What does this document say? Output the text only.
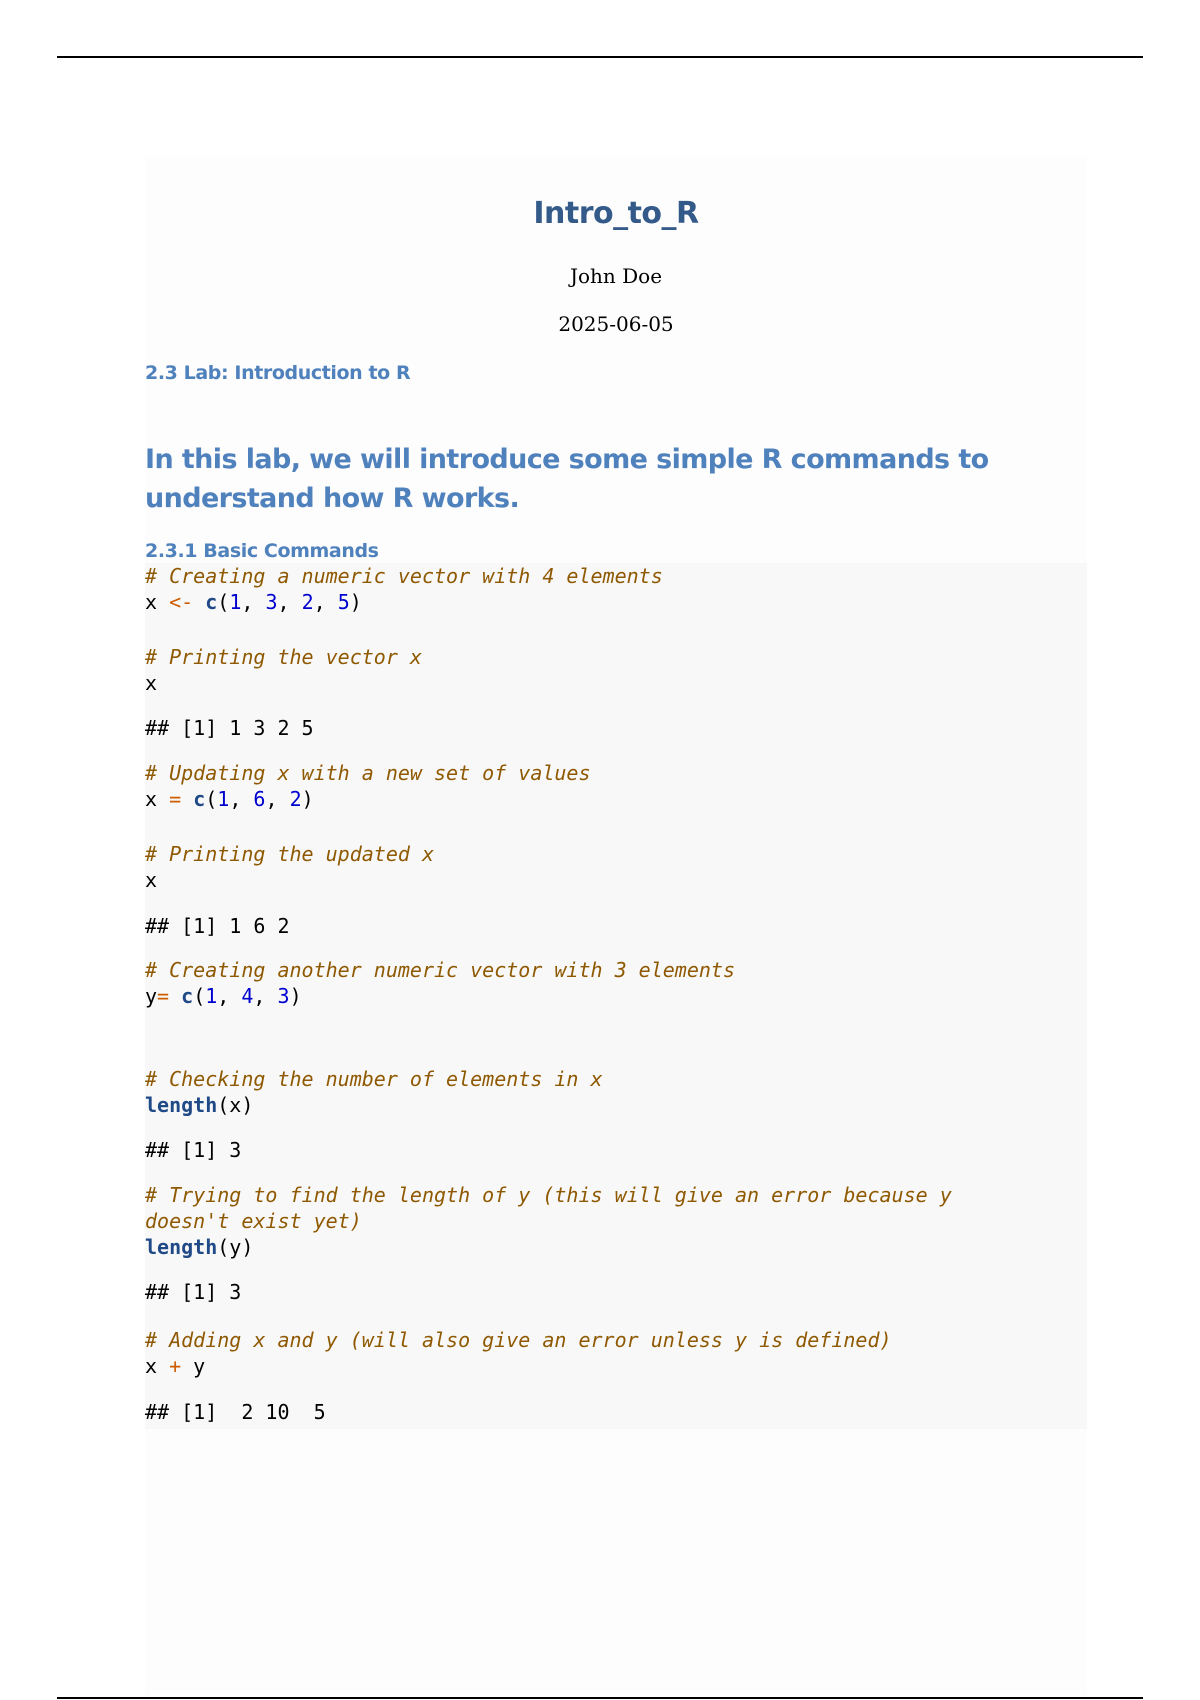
Intro_to_R
John Doe
2025-06-05
2.3 Lab: Introduction to R
In this lab, we will introduce some simple R commands to understand how R works.
2.3.1 Basic Commands
# Creating a numeric vector with 4 elements
x <- c(1, 3, 2, 5)
# Printing the vector x
x
## [1] 1 3 2 5
# Updating x with a new set of values
x = c(1, 6, 2)
# Printing the updated x
x
## [1] 1 6 2
# Creating another numeric vector with 3 elements
y= c(1, 4, 3)
# Checking the number of elements in x
length(x)
## [1] 3
# Trying to find the length of y (this will give an error because y
doesn't exist yet)
length(y)
## [1] 3
# Adding x and y (will also give an error unless y is defined)
x + y
## [1]  2 10  5
